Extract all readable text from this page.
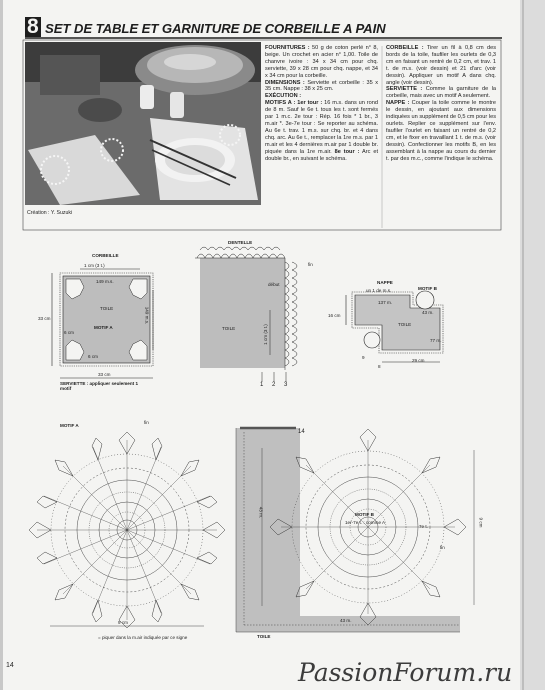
8 SET DE TABLE ET GARNITURE DE CORBEILLE A PAIN
Création : Y. Suzuki

FOURNITURES : 50 g de coton perlé n° 8, beige. Un crochet en acier n° 1,00. Toile de chanvre ivoire : 34 x 34 cm pour chq. serviette, 39 x 28 cm pour chq. nappe, et 34 x 34 cm pour la corbeille.

DIMENSIONS : Serviette et corbeille : 35 x 35 cm. Nappe : 38 x 25 cm.

EXÉCUTION :

MOTIFS A : 1er tour : 16 m.s. dans un rond de 8 m. Sauf le 6e t. tous les t. sont fermés par 1 m.c. 2e tour : Rép. 16 fois * 1 br., 3 m.air *. 3e-7e tour : Se reporter au schéma. Au 6e t. trav. 1 m.s. sur chq. br. et 4 dans chq. arc. Au 6e t., remplacer la 1re m.s. par 1 m.air et les 4 dernières m.air par 1 double br. piquée dans la 1re m.air. 8e tour : Arc et double br., en suivant le schéma.

CORBEILLE : Tirer un fil à 0,8 cm des bords de la toile, faufiler les ourlets de 0,3 cm en faisant un rentré de 0,2 cm, et trav. 1 t. de m.s. (voir dessin) et 21 d'arc (voir dessin). Appliquer un motif A dans chq. angle (voir dessin).

SERVIETTE : Comme la garniture de la corbeille, mais avec un motif A seulement.

NAPPE : Couper la toile comme le montre le dessin, en ajoutant aux dimensions indiquées un supplément de 0,5 cm pour les ourlets. Replier ce supplément sur l'env. faufiler l'ourlet en faisant un rentré de 0,2 cm, et le fixer en travaillant 1 t. de m.s. (voir dessin). Confectionner les motifs B, en les assemblant à la nappe au cours du dernier t. par des m.c., comme l'indique le schéma.

CORBEILLE
1 cm (3 t.)
149 m.s.
149 m.s.
TOILE
MOTIF A
6 cm
6 cm
33 cm
33 cm
SERVIETTE : appliquer seulement 1 motif
DENTELLE
début
fin
1 cm (3 t.)
TOILE
1 2 3
NAPPE
un 1 de m.s.	MOTIF B
137 m.
43 m.
TOILE
77 m.
16 cm
9
8
29 cm
MOTIF A
fin
9 cm
= piquer dans la m.air indiquée par ce signe
14
43 m.	MOTIF B
1er-7e t. : comme A
7e t.
fin
9 cm
43 m.
TOILE
14	PassionForum.ru
